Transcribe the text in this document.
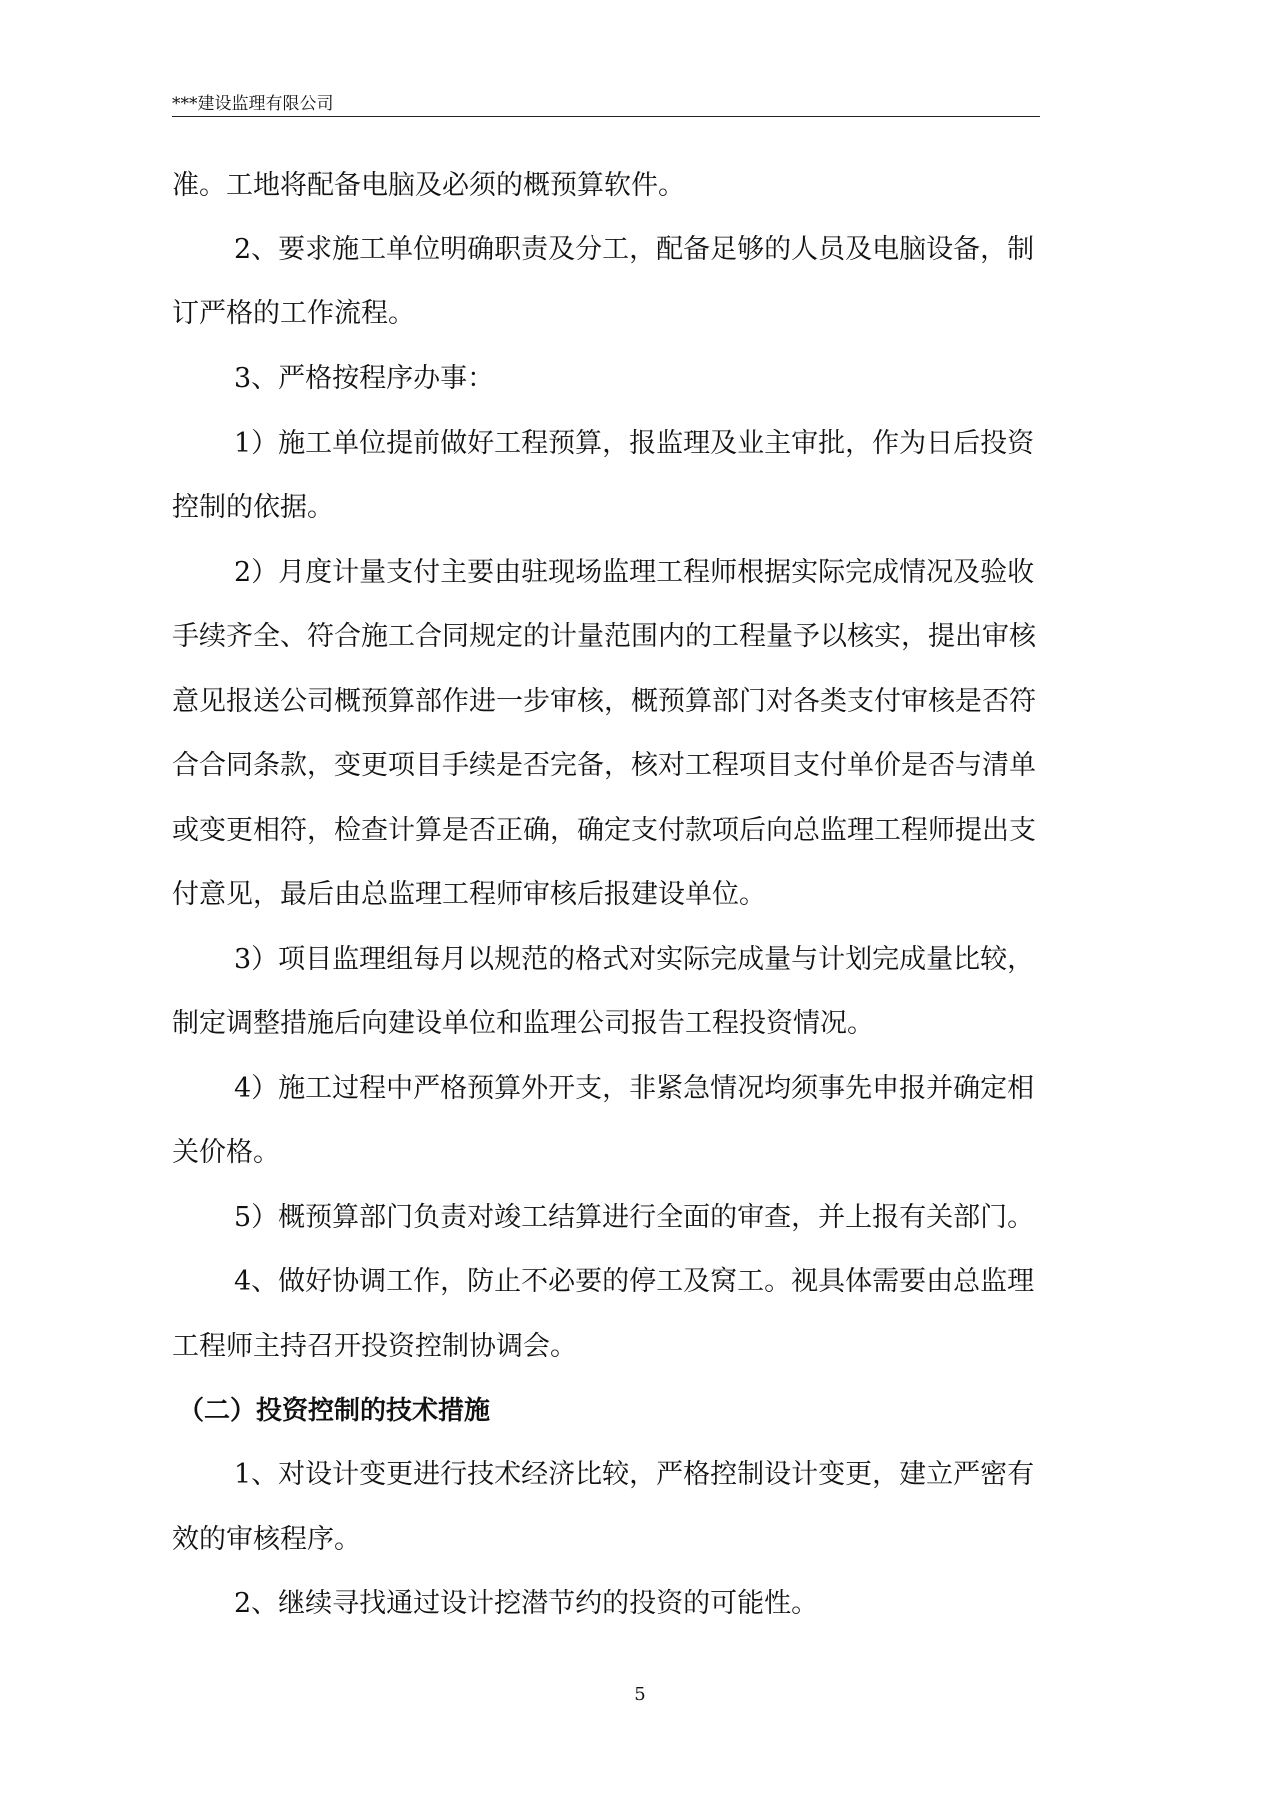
***建设监理有限公司
准。工地将配备电脑及必须的概预算软件。
2、要求施工单位明确职责及分工，配备足够的人员及电脑设备，制
订严格的工作流程。
3、严格按程序办事：
1）施工单位提前做好工程预算，报监理及业主审批，作为日后投资
控制的依据。
2）月度计量支付主要由驻现场监理工程师根据实际完成情况及验收
手续齐全、符合施工合同规定的计量范围内的工程量予以核实，提出审核
意见报送公司概预算部作进一步审核，概预算部门对各类支付审核是否符
合合同条款，变更项目手续是否完备，核对工程项目支付单价是否与清单
或变更相符，检查计算是否正确，确定支付款项后向总监理工程师提出支
付意见，最后由总监理工程师审核后报建设单位。
3）项目监理组每月以规范的格式对实际完成量与计划完成量比较，
制定调整措施后向建设单位和监理公司报告工程投资情况。
4）施工过程中严格预算外开支，非紧急情况均须事先申报并确定相
关价格。
5）概预算部门负责对竣工结算进行全面的审查，并上报有关部门。
4、做好协调工作，防止不必要的停工及窝工。视具体需要由总监理
工程师主持召开投资控制协调会。
（二）投资控制的技术措施
1、对设计变更进行技术经济比较，严格控制设计变更，建立严密有
效的审核程序。
2、继续寻找通过设计挖潜节约的投资的可能性。
5
